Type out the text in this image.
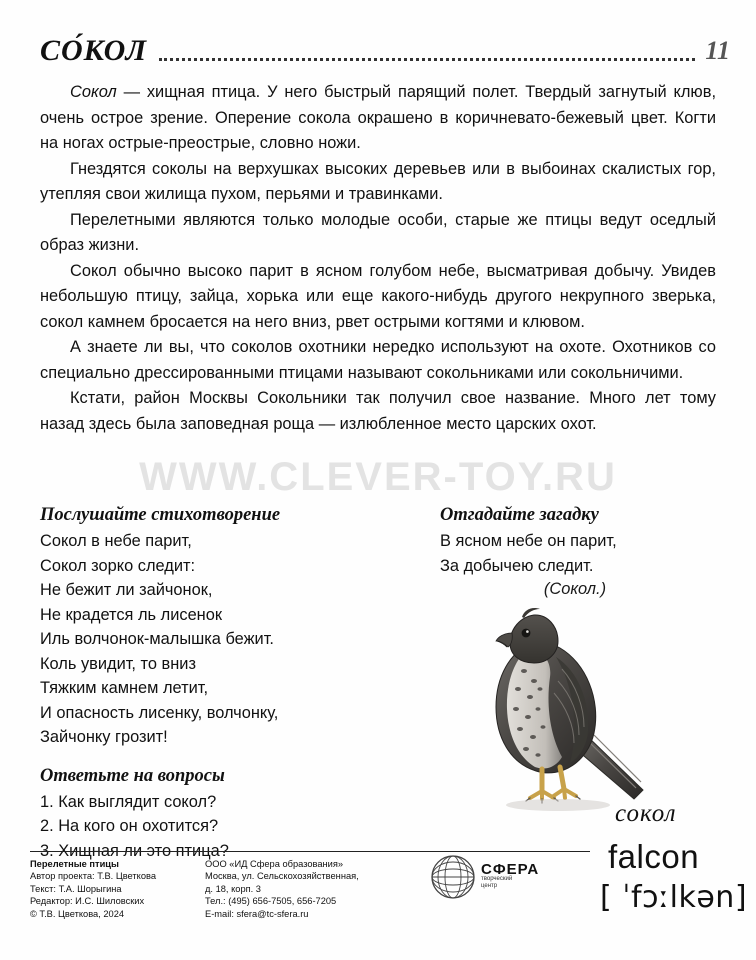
WWW.CLEVER-TOY.RU
СО́КОЛ	11

Сокол — хищная птица. У него быстрый парящий полет. Твердый загнутый клюв, очень острое зрение. Оперение сокола окрашено в коричневато-бежевый цвет. Когти на ногах острые-преострые, словно ножи.

Гнездятся соколы на верхушках высоких деревьев или в выбоинах скалистых гор, утепляя свои жилища пухом, перьями и травинками.

Перелетными являются только молодые особи, старые же птицы ведут оседлый образ жизни.

Сокол обычно высоко парит в ясном голубом небе, высматривая добычу. Увидев небольшую птицу, зайца, хорька или еще какого-нибудь другого некрупного зверька, сокол камнем бросается на него вниз, рвет острыми когтями и клювом.

А знаете ли вы, что соколов охотники нередко используют на охоте. Охотников со специально дрессированными птицами называют сокольниками или сокольничими.

Кстати, район Москвы Сокольники так получил свое название. Много лет тому назад здесь была заповедная роща — излюбленное место царских охот.

Послушайте стихотворение
Сокол в небе парит,
Сокол зорко следит:
Не бежит ли зайчонок,
Не крадется ль лисенок
Иль волчонок-малышка бежит.
Коль увидит, то вниз
Тяжким камнем летит,
И опасность лисенку, волчонку,
Зайчонку грозит!
Ответьте на вопросы
1. Как выглядит сокол?
2. На кого он охотится?
3. Хищная ли это птица?
Отгадайте загадку
В ясном небе он парит,
За добычею следит.
(Сокол.)
сокол
falcon
[ ˈfɔːlkən]
Перелетные птицы
Автор проекта: Т.В. Цветкова
Текст: Т.А. Шорыгина
Редактор: И.С. Шиловских
© Т.В. Цветкова, 2024
ООО «ИД Сфера образования»
Москва, ул. Сельскохозяйственная,
д. 18, корп. 3
Тел.: (495) 656-7505, 656-7205
E-mail: sfera@tc-sfera.ru
СФЕРА
творческий
центр
